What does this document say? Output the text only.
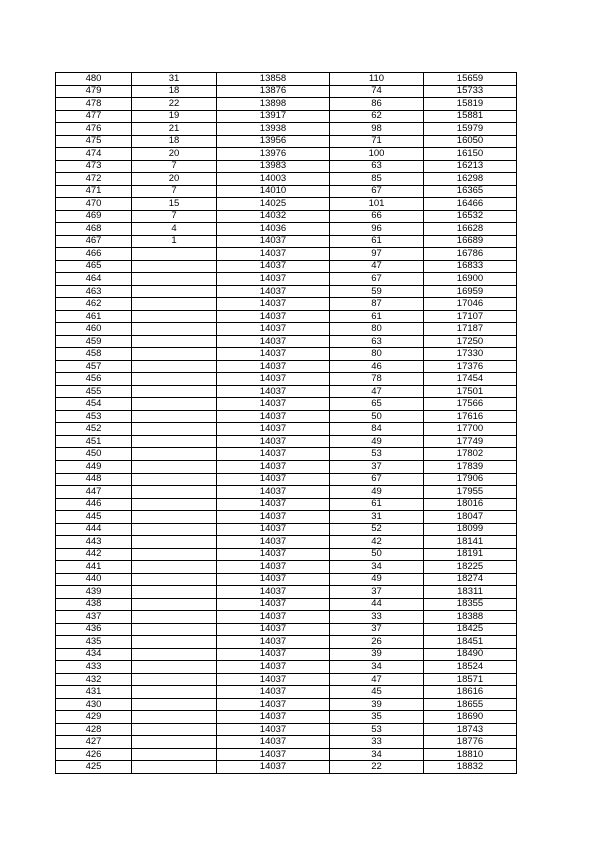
480	31	13858	110	15659
479	18	13876	74	15733
478	22	13898	86	15819
477	19	13917	62	15881
476	21	13938	98	15979
475	18	13956	71	16050
474	20	13976	100	16150
473	7	13983	63	16213
472	20	14003	85	16298
471	7	14010	67	16365
470	15	14025	101	16466
469	7	14032	66	16532
468	4	14036	96	16628
467	1	14037	61	16689
466		14037	97	16786
465		14037	47	16833
464		14037	67	16900
463		14037	59	16959
462		14037	87	17046
461		14037	61	17107
460		14037	80	17187
459		14037	63	17250
458		14037	80	17330
457		14037	46	17376
456		14037	78	17454
455		14037	47	17501
454		14037	65	17566
453		14037	50	17616
452		14037	84	17700
451		14037	49	17749
450		14037	53	17802
449		14037	37	17839
448		14037	67	17906
447		14037	49	17955
446		14037	61	18016
445		14037	31	18047
444		14037	52	18099
443		14037	42	18141
442		14037	50	18191
441		14037	34	18225
440		14037	49	18274
439		14037	37	18311
438		14037	44	18355
437		14037	33	18388
436		14037	37	18425
435		14037	26	18451
434		14037	39	18490
433		14037	34	18524
432		14037	47	18571
431		14037	45	18616
430		14037	39	18655
429		14037	35	18690
428		14037	53	18743
427		14037	33	18776
426		14037	34	18810
425		14037	22	18832
